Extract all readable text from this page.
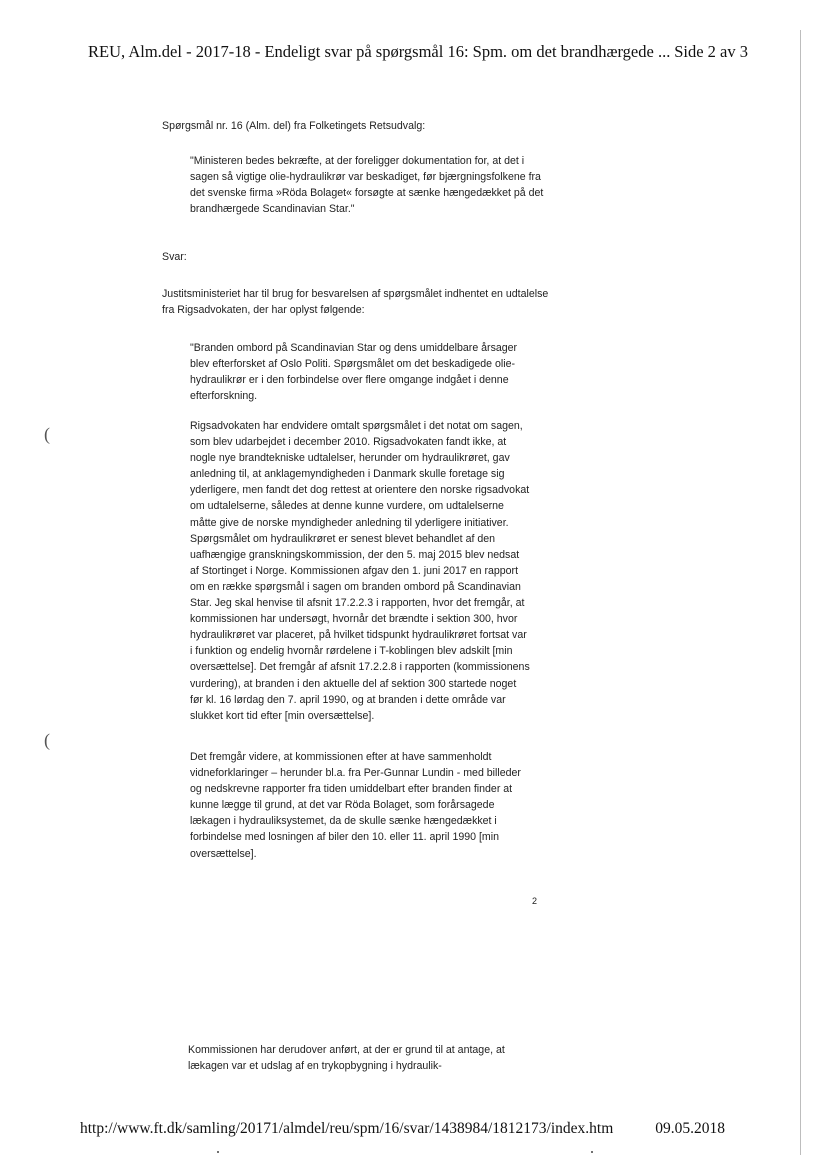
REU, Alm.del - 2017-18 - Endeligt svar på spørgsmål 16: Spm. om det brandhærgede ... Side 2 av 3
Spørgsmål nr. 16 (Alm. del) fra Folketingets Retsudvalg:

"Ministeren bedes bekræfte, at der foreligger dokumentation for, at det i sagen så vigtige olie-hydraulikrør var beskadiget, før bjærgningsfolkene fra det svenske firma »Röda Bolaget« forsøgte at sænke hængedækket på det brandhærgede Scandinavian Star."

Svar:
Justitsministeriet har til brug for besvarelsen af spørgsmålet indhentet en udtalelse fra Rigsadvokaten, der har oplyst følgende:
"Branden ombord på Scandinavian Star og dens umiddelbare årsager blev efterforsket af Oslo Politi. Spørgsmålet om det beskadigede olie-hydraulikrør er i den forbindelse over flere omgange indgået i denne efterforskning.
Rigsadvokaten har endvidere omtalt spørgsmålet i det notat om sagen, som blev udarbejdet i december 2010. Rigsadvokaten fandt ikke, at nogle nye brandtekniske udtalelser, herunder om hydraulikrøret, gav anledning til, at anklagemyndigheden i Danmark skulle foretage sig yderligere, men fandt det dog rettest at orientere den norske rigsadvokat om udtalelserne, således at denne kunne vurdere, om udtalelserne måtte give de norske myndigheder anledning til yderligere initiativer. Spørgsmålet om hydraulikrøret er senest blevet behandlet af den uafhængige granskningskommission, der den 5. maj 2015 blev nedsat af Stortinget i Norge. Kommissionen afgav den 1. juni 2017 en rapport om en række spørgsmål i sagen om branden ombord på Scandinavian Star. Jeg skal henvise til afsnit 17.2.2.3 i rapporten, hvor det fremgår, at kommissionen har undersøgt, hvornår det brændte i sektion 300, hvor hydraulikrøret var placeret, på hvilket tidspunkt hydraulikrøret fortsat var i funktion og endelig hvornår rørdelene i T-koblingen blev adskilt [min oversættelse]. Det fremgår af afsnit 17.2.2.8 i rapporten (kommissionens vurdering), at branden i den aktuelle del af sektion 300 startede noget før kl. 16 lørdag den 7. april 1990, og at branden i dette område var slukket kort tid efter [min oversættelse].
Det fremgår videre, at kommissionen efter at have sammenholdt vidneforklaringer – herunder bl.a. fra Per-Gunnar Lundin - med billeder og nedskrevne rapporter fra tiden umiddelbart efter branden finder at kunne lægge til grund, at det var Röda Bolaget, som forårsagede lækagen i hydrauliksystemet, da de skulle sænke hængedækket i forbindelse med losningen af biler den 10. eller 11. april 1990 [min oversættelse].
2
Kommissionen har derudover anført, at der er grund til at antage, at lækagen var et udslag af en trykopbygning i hydraulik-
(
(
http://www.ft.dk/samling/20171/almdel/reu/spm/16/svar/1438984/1812173/index.htm	09.05.2018
